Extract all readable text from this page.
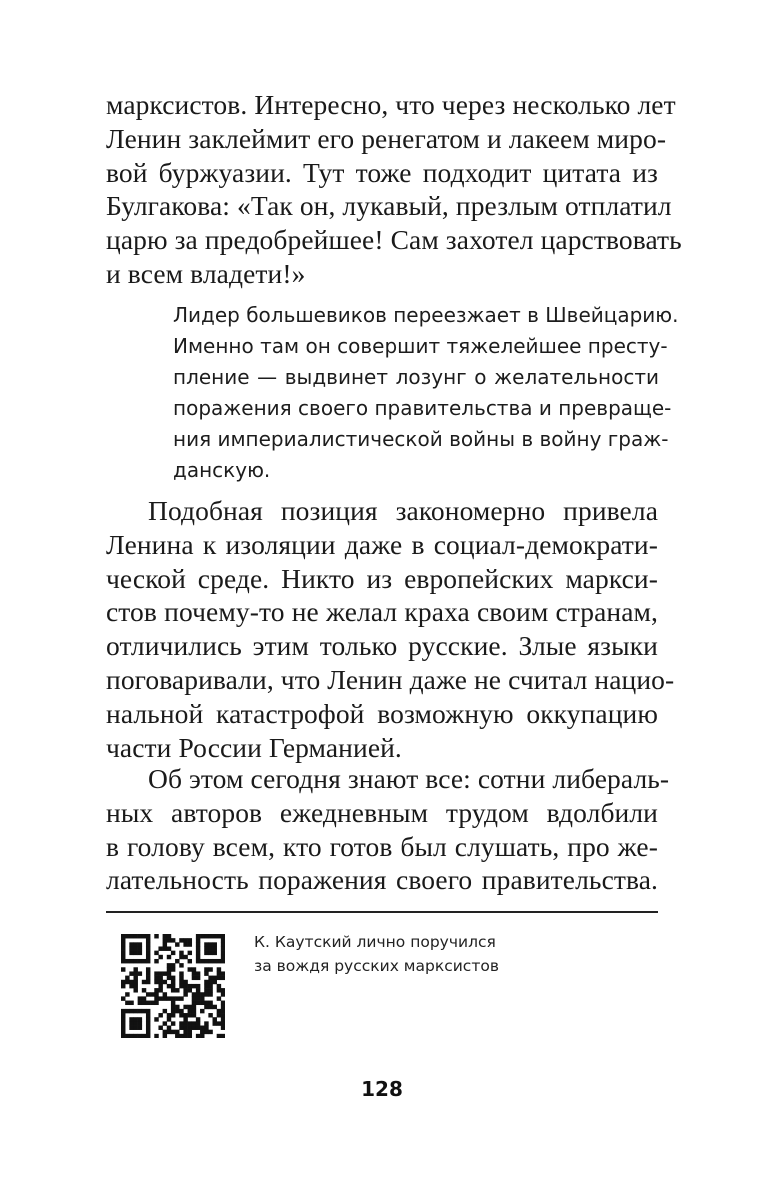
марксистов. Интересно, что через несколько лет
Ленин заклеймит его ренегатом и лакеем миро-
вой буржуазии. Тут тоже подходит цитата из
Булгакова: «Так он, лукавый, презлым отплатил
царю за предобрейшее! Сам захотел царствовать
и всем владети!»
Лидер большевиков переезжает в Швейцарию.
Именно там он совершит тяжелейшее престу-
пление — выдвинет лозунг о желательности
поражения своего правительства и превраще-
ния империалистической войны в войну граж-
данскую.
Подобная позиция закономерно привела
Ленина к изоляции даже в социал-демократи-
ческой среде. Никто из европейских маркси-
стов почему-то не желал краха своим странам,
отличились этим только русские. Злые языки
поговаривали, что Ленин даже не считал нацио-
нальной катастрофой возможную оккупацию
части России Германией.
Об этом сегодня знают все: сотни либераль-
ных авторов ежедневным трудом вдолбили
в голову всем, кто готов был слушать, про же-
лательность поражения своего правительства.
К. Каутский лично поручился
за вождя русских марксистов
128
